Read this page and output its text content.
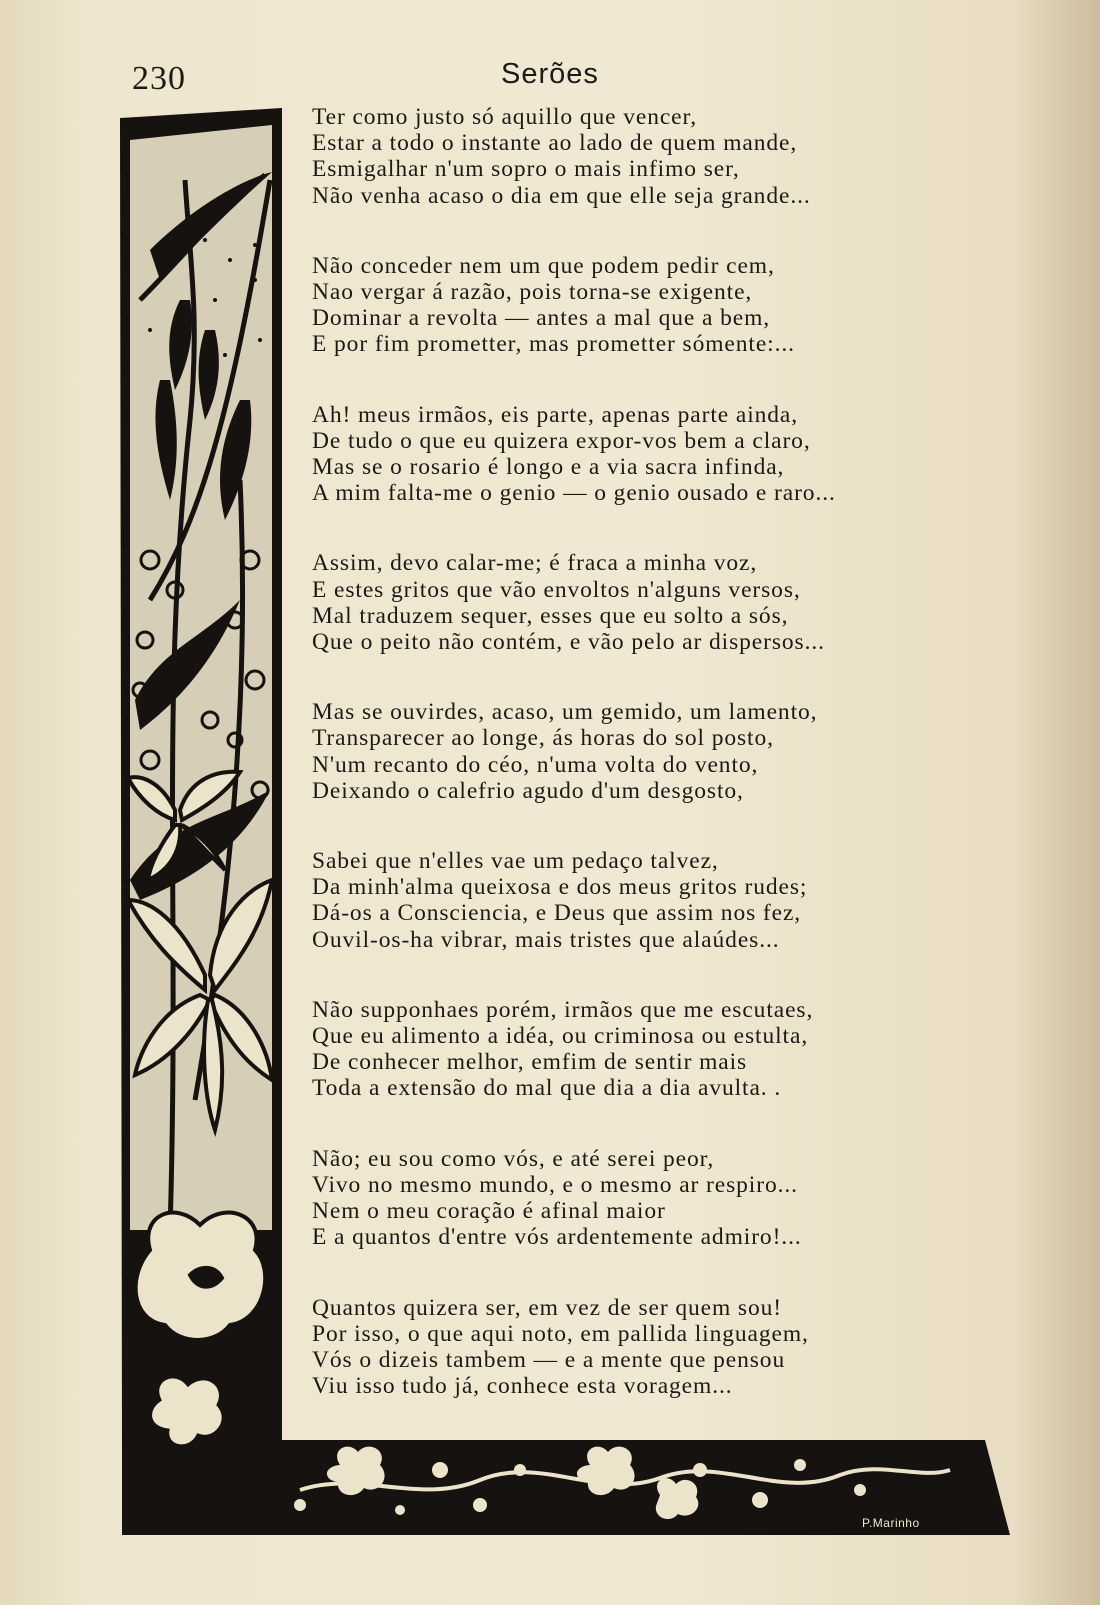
230	Serões
P.Marinho
Ter como justo só aquillo que vencer,
Estar a todo o instante ao lado de quem mande,
Esmigalhar n'um sopro o mais infimo ser,
Não venha acaso o dia em que elle seja grande...
Não conceder nem um que podem pedir cem,
Nao vergar á razão, pois torna-se exigente,
Dominar a revolta — antes a mal que a bem,
E por fim prometter, mas prometter sómente:...
Ah! meus irmãos, eis parte, apenas parte ainda,
De tudo o que eu quizera expor-vos bem a claro,
Mas se o rosario é longo e a via sacra infinda,
A mim falta-me o genio — o genio ousado e raro...
Assim, devo calar-me; é fraca a minha voz,
E estes gritos que vão envoltos n'alguns versos,
Mal traduzem sequer, esses que eu solto a sós,
Que o peito não contém, e vão pelo ar dispersos...
Mas se ouvirdes, acaso, um gemido, um lamento,
Transparecer ao longe, ás horas do sol posto,
N'um recanto do céo, n'uma volta do vento,
Deixando o calefrio agudo d'um desgosto,
Sabei que n'elles vae um pedaço talvez,
Da minh'alma queixosa e dos meus gritos rudes;
Dá-os a Consciencia, e Deus que assim nos fez,
Ouvil-os-ha vibrar, mais tristes que alaúdes...
Não supponhaes porém, irmãos que me escutaes,
Que eu alimento a idéa, ou criminosa ou estulta,
De conhecer melhor, emfim de sentir mais
Toda a extensão do mal que dia a dia avulta. .
Não; eu sou como vós, e até serei peor,
Vivo no mesmo mundo, e o mesmo ar respiro...
Nem o meu coração é afinal maior
E a quantos d'entre vós ardentemente admiro!...
Quantos quizera ser, em vez de ser quem sou!
Por isso, o que aqui noto, em pallida linguagem,
Vós o dizeis tambem — e a mente que pensou
Viu isso tudo já, conhece esta voragem...
